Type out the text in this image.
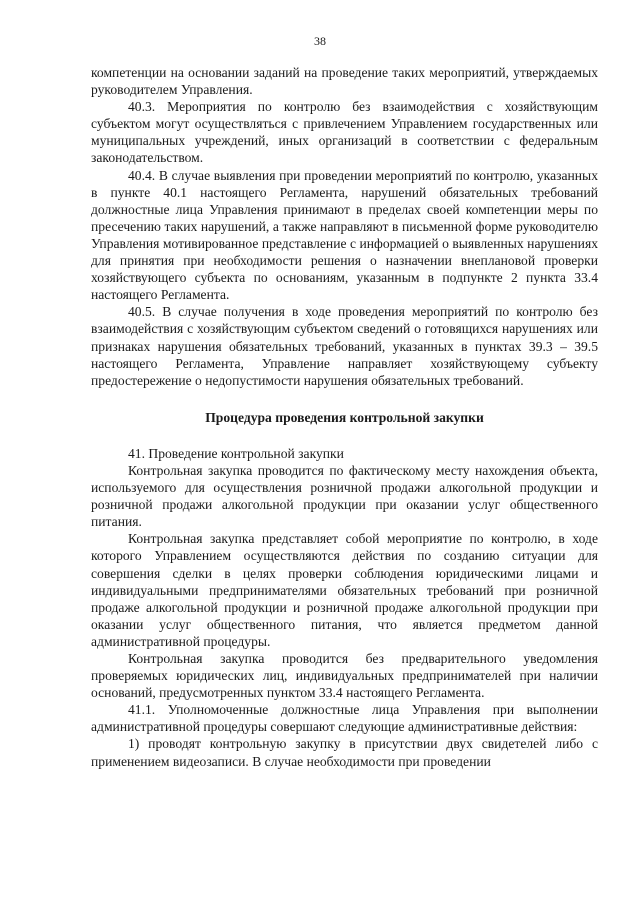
38

компетенции на основании заданий на проведение таких мероприятий, утверждаемых руководителем Управления.

40.3. Мероприятия по контролю без взаимодействия с хозяйствующим субъектом могут осуществляться с привлечением Управлением государственных или муниципальных учреждений, иных организаций в соответствии с федеральным законодательством.

40.4. В случае выявления при проведении мероприятий по контролю, указанных в пункте 40.1 настоящего Регламента, нарушений обязательных требований должностные лица Управления принимают в пределах своей компетенции меры по пресечению таких нарушений, а также направляют в письменной форме руководителю Управления мотивированное представление с информацией о выявленных нарушениях для принятия при необходимости решения о назначении внеплановой проверки хозяйствующего субъекта по основаниям, указанным в подпункте 2 пункта 33.4 настоящего Регламента.

40.5. В случае получения в ходе проведения мероприятий по контролю без взаимодействия с хозяйствующим субъектом сведений о готовящихся нарушениях или признаках нарушения обязательных требований, указанных в пунктах 39.3 – 39.5 настоящего Регламента, Управление направляет хозяйствующему субъекту предостережение о недопустимости нарушения обязательных требований.

Процедура проведения контрольной закупки

41. Проведение контрольной закупки

Контрольная закупка проводится по фактическому месту нахождения объекта, используемого для осуществления розничной продажи алкогольной продукции и розничной продажи алкогольной продукции при оказании услуг общественного питания.

Контрольная закупка представляет собой мероприятие по контролю, в ходе которого Управлением осуществляются действия по созданию ситуации для совершения сделки в целях проверки соблюдения юридическими лицами и индивидуальными предпринимателями обязательных требований при розничной продаже алкогольной продукции и розничной продаже алкогольной продукции при оказании услуг общественного питания, что является предметом данной административной процедуры.

Контрольная закупка проводится без предварительного уведомления проверяемых юридических лиц, индивидуальных предпринимателей при наличии оснований, предусмотренных пунктом 33.4 настоящего Регламента.

41.1. Уполномоченные должностные лица Управления при выполнении административной процедуры совершают следующие административные действия:

1) проводят контрольную закупку в присутствии двух свидетелей либо с применением видеозаписи. В случае необходимости при проведении
